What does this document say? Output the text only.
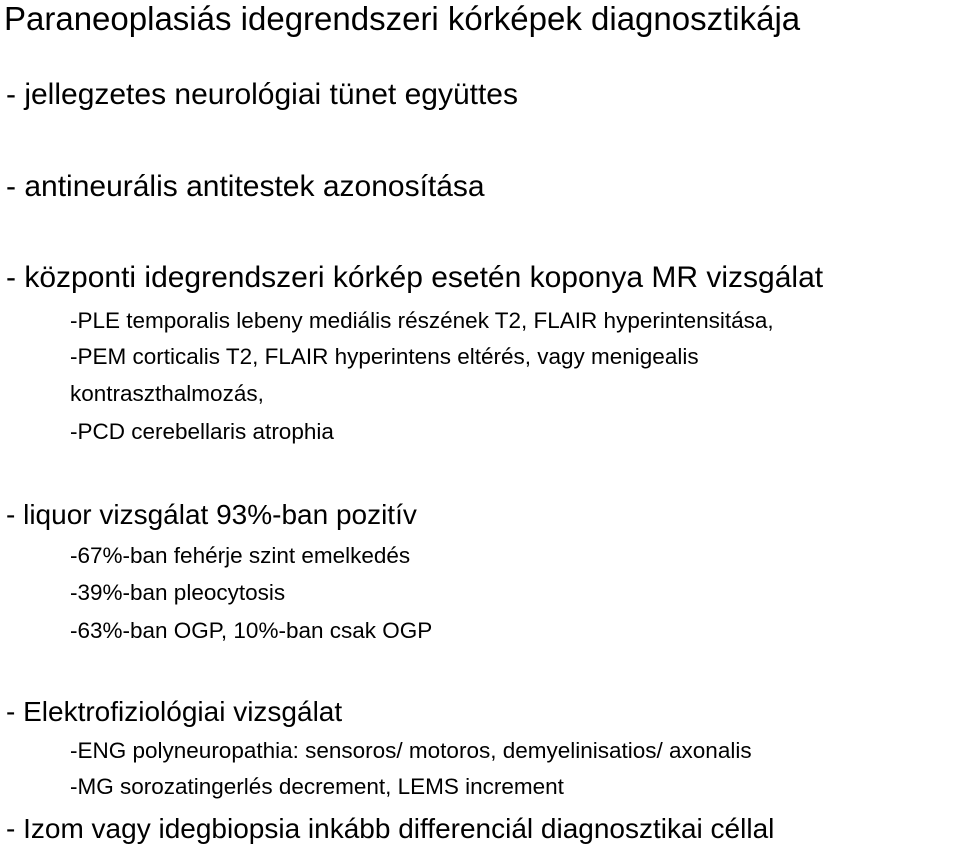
Paraneoplasiás idegrendszeri kórképek diagnosztikája
- jellegzetes neurológiai tünet együttes
- antineurális antitestek azonosítása
- központi idegrendszeri kórkép esetén koponya MR vizsgálat
-PLE temporalis lebeny mediális részének T2, FLAIR hyperintensitása,
-PEM corticalis T2, FLAIR hyperintens eltérés, vagy menigealis
kontraszthalmozás,
-PCD cerebellaris atrophia
- liquor vizsgálat 93%-ban pozitív
-67%-ban fehérje szint emelkedés
-39%-ban pleocytosis
-63%-ban OGP, 10%-ban csak OGP
- Elektrofiziológiai vizsgálat
-ENG polyneuropathia: sensoros/ motoros, demyelinisatios/ axonalis
-MG sorozatingerlés decrement, LEMS increment
- Izom vagy idegbiopsia inkább differenciál diagnosztikai céllal
